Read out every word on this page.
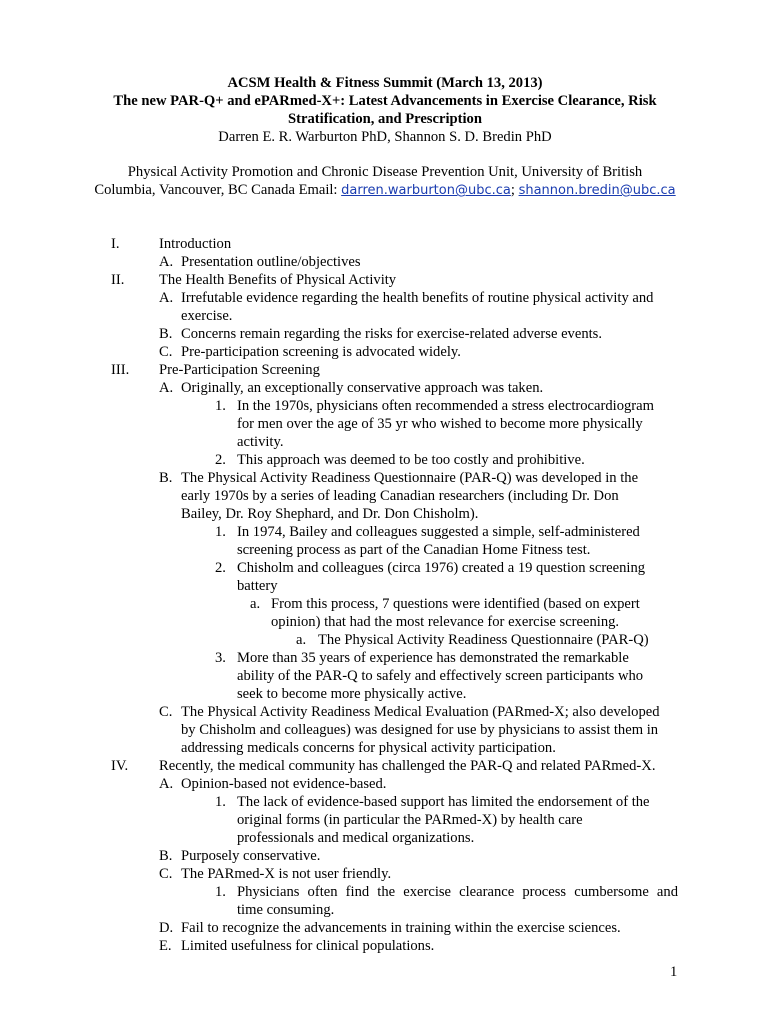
ACSM Health & Fitness Summit (March 13, 2013)
The new PAR-Q+ and ePARmed-X+: Latest Advancements in Exercise Clearance, Risk
Stratification, and Prescription
Darren E. R. Warburton PhD, Shannon S. D. Bredin PhD
Physical Activity Promotion and Chronic Disease Prevention Unit, University of British
Columbia, Vancouver, BC Canada Email: darren.warburton@ubc.ca; shannon.bredin@ubc.ca
I.	Introduction
A. Presentation outline/objectives
II. The Health Benefits of Physical Activity
A. Irrefutable evidence regarding the health benefits of routine physical activity and
exercise.
B. Concerns remain regarding the risks for exercise-related adverse events.
C. Pre-participation screening is advocated widely.
III. Pre-Participation Screening
A. Originally, an exceptionally conservative approach was taken.
1. In the 1970s, physicians often recommended a stress electrocardiogram
for men over the age of 35 yr who wished to become more physically
activity.
2. This approach was deemed to be too costly and prohibitive.
B. The Physical Activity Readiness Questionnaire (PAR-Q) was developed in the
early 1970s by a series of leading Canadian researchers (including Dr. Don
Bailey, Dr. Roy Shephard, and Dr. Don Chisholm).
1. In 1974, Bailey and colleagues suggested a simple, self-administered
screening process as part of the Canadian Home Fitness test.
2. Chisholm and colleagues (circa 1976) created a 19 question screening
battery
a. From this process, 7 questions were identified (based on expert
opinion) that had the most relevance for exercise screening.
a. The Physical Activity Readiness Questionnaire (PAR-Q)
3. More than 35 years of experience has demonstrated the remarkable
ability of the PAR-Q to safely and effectively screen participants who
seek to become more physically active.
C. The Physical Activity Readiness Medical Evaluation (PARmed-X; also developed
by Chisholm and colleagues) was designed for use by physicians to assist them in
addressing medicals concerns for physical activity participation.
IV. Recently, the medical community has challenged the PAR-Q and related PARmed-X.
A. Opinion-based not evidence-based.
1. The lack of evidence-based support has limited the endorsement of the
original forms (in particular the PARmed-X) by health care
professionals and medical organizations.
B. Purposely conservative.
C. The PARmed-X is not user friendly.
1. Physicians often find the exercise clearance process cumbersome and
time consuming.
D. Fail to recognize the advancements in training within the exercise sciences.
E. Limited usefulness for clinical populations.
1
